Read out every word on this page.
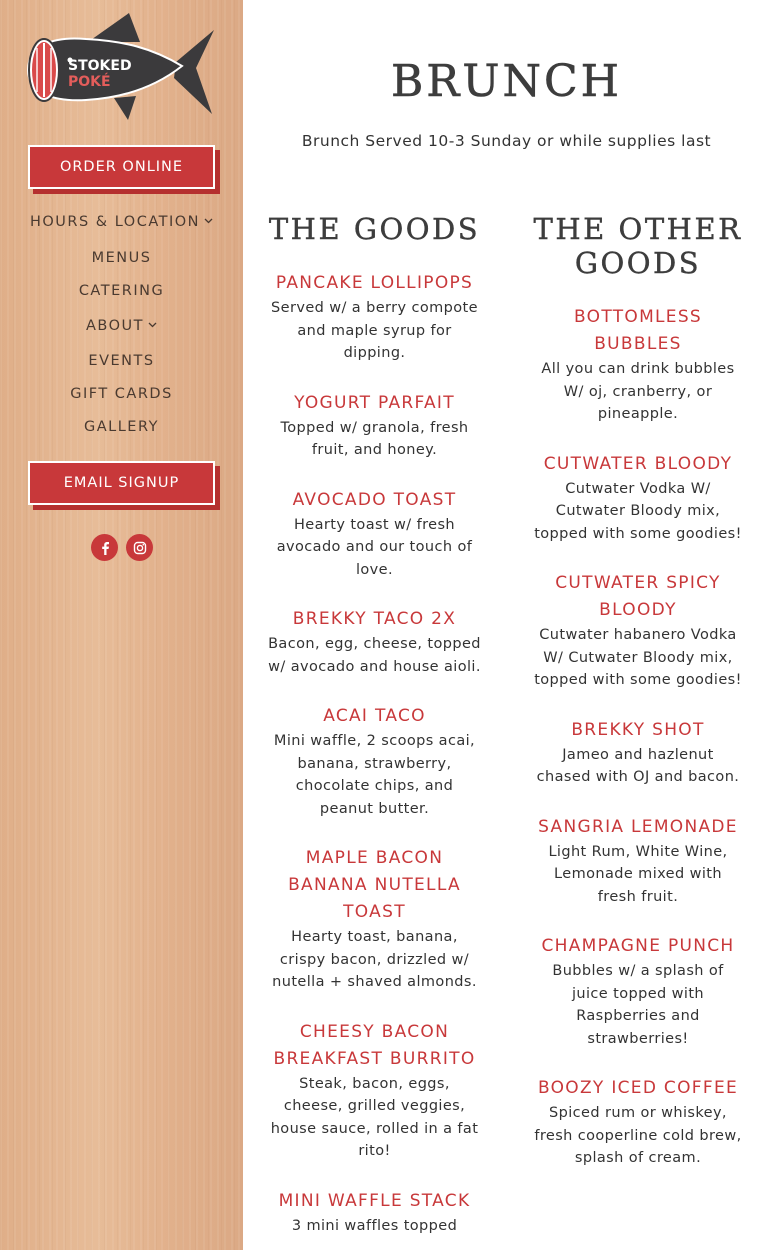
STOKED
POKÉ
ORDER ONLINE
HOURS & LOCATION
MENUS
CATERING
ABOUT
EVENTS
GIFT CARDS
GALLERY
EMAIL SIGNUP
BRUNCH
Brunch Served 10-3 Sunday or while supplies last
THE GOODS
PANCAKE LOLLIPOPS
Served w/ a berry compote and maple syrup for dipping.
YOGURT PARFAIT
Topped w/ granola, fresh fruit, and honey.
AVOCADO TOAST
Hearty toast w/ fresh avocado and our touch of love.
BREKKY TACO 2X
Bacon, egg, cheese, topped w/ avocado and house aioli.
ACAI TACO
Mini waffle, 2 scoops acai, banana, strawberry, chocolate chips, and peanut butter.
MAPLE BACON BANANA NUTELLA TOAST
Hearty toast, banana, crispy bacon, drizzled w/ nutella + shaved almonds.
CHEESY BACON BREAKFAST BURRITO
Steak, bacon, eggs, cheese, grilled veggies, house sauce, rolled in a fat rito!
MINI WAFFLE STACK
3 mini waffles topped
THE OTHER GOODS
BOTTOMLESS BUBBLES
All you can drink bubbles W/ oj, cranberry, or pineapple.
CUTWATER BLOODY
Cutwater Vodka W/ Cutwater Bloody mix, topped with some goodies!
CUTWATER SPICY BLOODY
Cutwater habanero Vodka W/ Cutwater Bloody mix, topped with some goodies!
BREKKY SHOT
Jameo and hazlenut chased with OJ and bacon.
SANGRIA LEMONADE
Light Rum, White Wine, Lemonade mixed with fresh fruit.
CHAMPAGNE PUNCH
Bubbles w/ a splash of juice topped with Raspberries and strawberries!
BOOZY ICED COFFEE
Spiced rum or whiskey, fresh cooperline cold brew, splash of cream.
